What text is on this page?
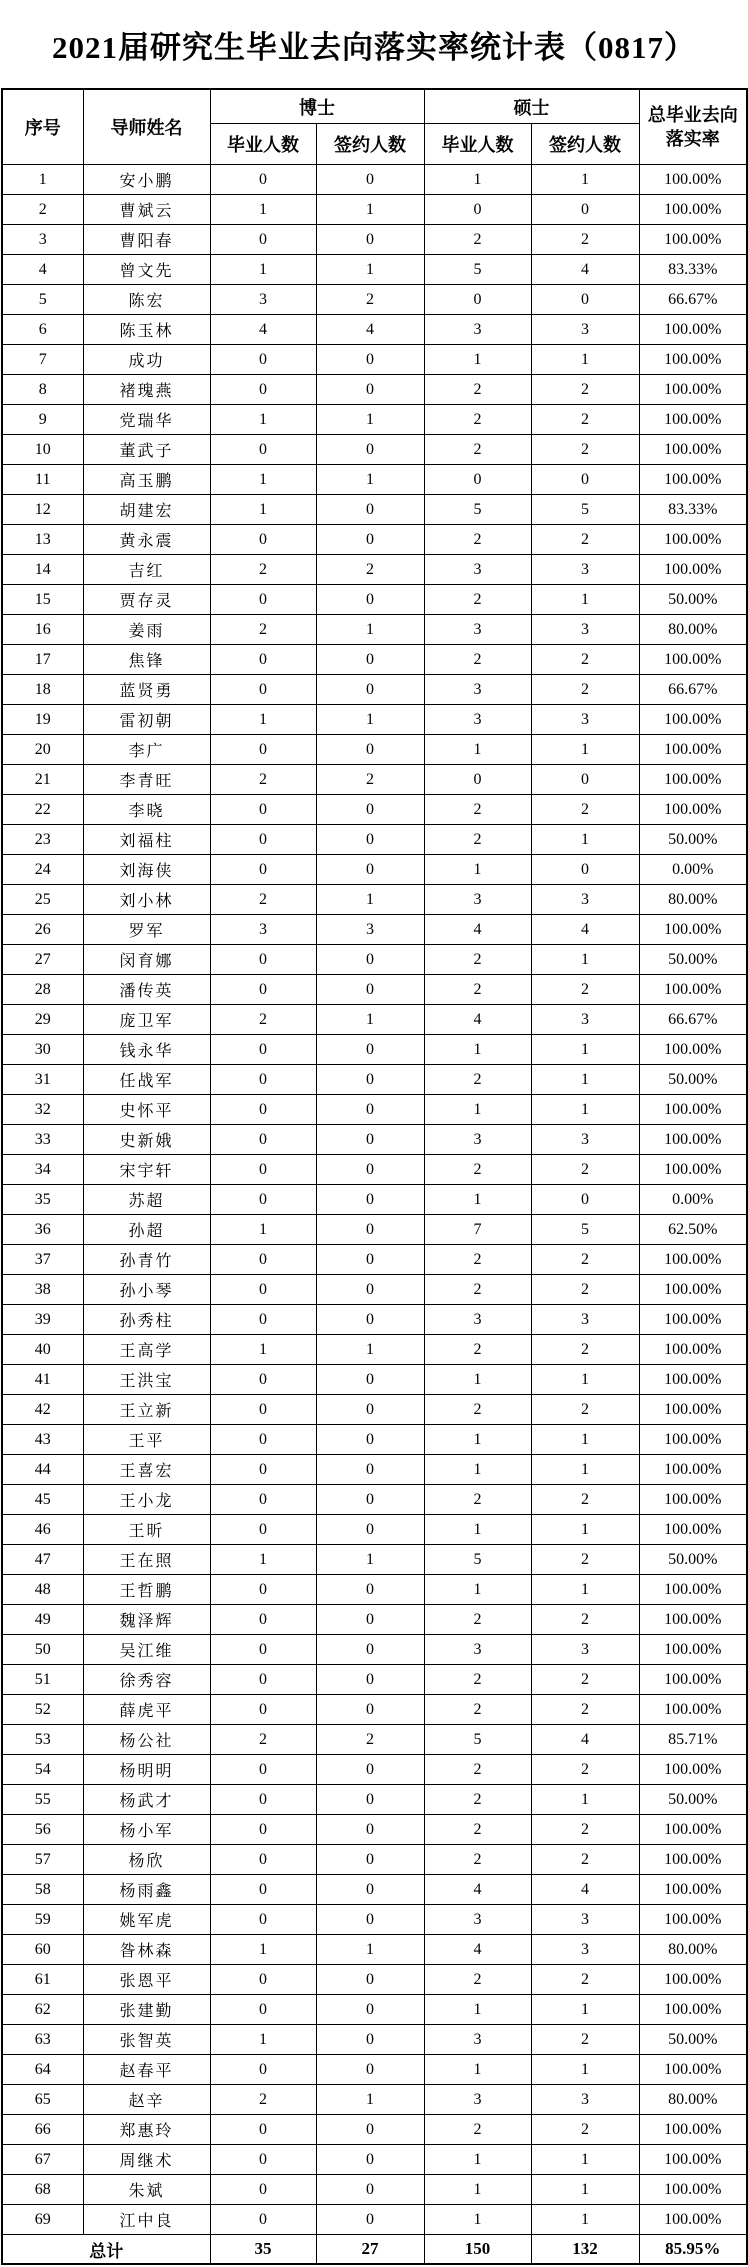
2021届研究生毕业去向落实率统计表（0817）
序号	导师姓名	博士		硕士		总毕业去向
落实率
		毕业人数	签约人数	毕业人数	签约人数	
1	安小鹏	0	0	1	1	100.00%
2	曹斌云	1	1	0	0	100.00%
3	曹阳春	0	0	2	2	100.00%
4	曾文先	1	1	5	4	83.33%
5	陈宏	3	2	0	0	66.67%
6	陈玉林	4	4	3	3	100.00%
7	成功	0	0	1	1	100.00%
8	褚瑰燕	0	0	2	2	100.00%
9	党瑞华	1	1	2	2	100.00%
10	董武子	0	0	2	2	100.00%
11	高玉鹏	1	1	0	0	100.00%
12	胡建宏	1	0	5	5	83.33%
13	黄永震	0	0	2	2	100.00%
14	吉红	2	2	3	3	100.00%
15	贾存灵	0	0	2	1	50.00%
16	姜雨	2	1	3	3	80.00%
17	焦锋	0	0	2	2	100.00%
18	蓝贤勇	0	0	3	2	66.67%
19	雷初朝	1	1	3	3	100.00%
20	李广	0	0	1	1	100.00%
21	李青旺	2	2	0	0	100.00%
22	李晓	0	0	2	2	100.00%
23	刘福柱	0	0	2	1	50.00%
24	刘海侠	0	0	1	0	0.00%
25	刘小林	2	1	3	3	80.00%
26	罗军	3	3	4	4	100.00%
27	闵育娜	0	0	2	1	50.00%
28	潘传英	0	0	2	2	100.00%
29	庞卫军	2	1	4	3	66.67%
30	钱永华	0	0	1	1	100.00%
31	任战军	0	0	2	1	50.00%
32	史怀平	0	0	1	1	100.00%
33	史新娥	0	0	3	3	100.00%
34	宋宇轩	0	0	2	2	100.00%
35	苏超	0	0	1	0	0.00%
36	孙超	1	0	7	5	62.50%
37	孙青竹	0	0	2	2	100.00%
38	孙小琴	0	0	2	2	100.00%
39	孙秀柱	0	0	3	3	100.00%
40	王高学	1	1	2	2	100.00%
41	王洪宝	0	0	1	1	100.00%
42	王立新	0	0	2	2	100.00%
43	王平	0	0	1	1	100.00%
44	王喜宏	0	0	1	1	100.00%
45	王小龙	0	0	2	2	100.00%
46	王昕	0	0	1	1	100.00%
47	王在照	1	1	5	2	50.00%
48	王哲鹏	0	0	1	1	100.00%
49	魏泽辉	0	0	2	2	100.00%
50	吴江维	0	0	3	3	100.00%
51	徐秀容	0	0	2	2	100.00%
52	薛虎平	0	0	2	2	100.00%
53	杨公社	2	2	5	4	85.71%
54	杨明明	0	0	2	2	100.00%
55	杨武才	0	0	2	1	50.00%
56	杨小军	0	0	2	2	100.00%
57	杨欣	0	0	2	2	100.00%
58	杨雨鑫	0	0	4	4	100.00%
59	姚军虎	0	0	3	3	100.00%
60	昝林森	1	1	4	3	80.00%
61	张恩平	0	0	2	2	100.00%
62	张建勤	0	0	1	1	100.00%
63	张智英	1	0	3	2	50.00%
64	赵春平	0	0	1	1	100.00%
65	赵辛	2	1	3	3	80.00%
66	郑惠玲	0	0	2	2	100.00%
67	周继术	0	0	1	1	100.00%
68	朱斌	0	0	1	1	100.00%
69	江中良	0	0	1	1	100.00%
总计		35	27	150	132	85.95%
